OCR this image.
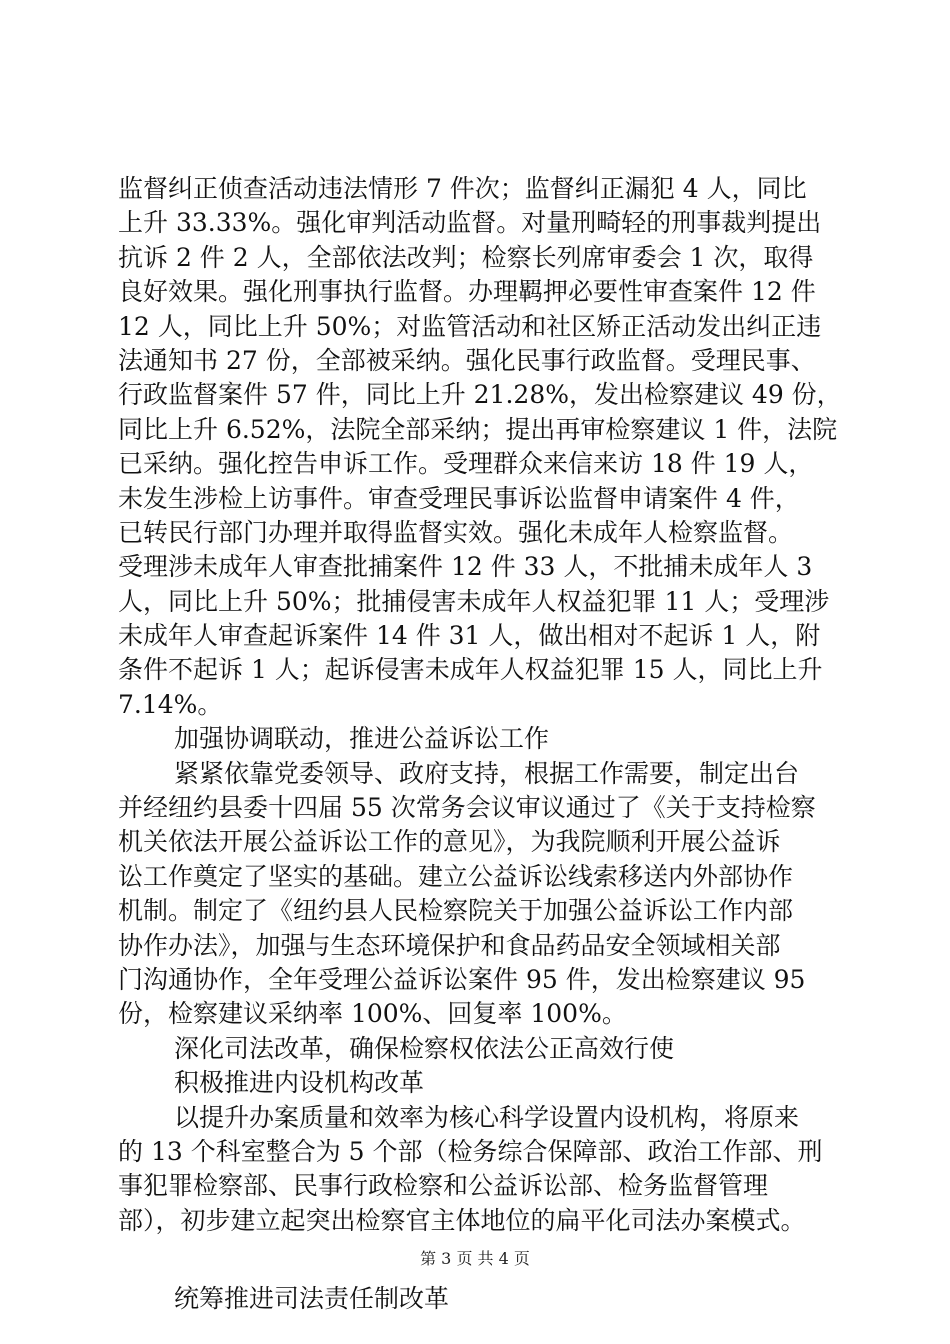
监督纠正侦查活动违法情形 7 件次；监督纠正漏犯 4 人，同比
上升 33.33%。强化审判活动监督。对量刑畸轻的刑事裁判提出
抗诉 2 件 2 人，全部依法改判；检察长列席审委会 1 次，取得
良好效果。强化刑事执行监督。办理羁押必要性审查案件 12 件
12 人，同比上升 50%；对监管活动和社区矫正活动发出纠正违
法通知书 27 份，全部被采纳。强化民事行政监督。受理民事、
行政监督案件 57 件，同比上升 21.28%，发出检察建议 49 份，
同比上升 6.52%，法院全部采纳；提出再审检察建议 1 件，法院
已采纳。强化控告申诉工作。受理群众来信来访 18 件 19 人，
未发生涉检上访事件。审查受理民事诉讼监督申请案件 4 件，
已转民行部门办理并取得监督实效。强化未成年人检察监督。
受理涉未成年人审查批捕案件 12 件 33 人，不批捕未成年人 3
人，同比上升 50%；批捕侵害未成年人权益犯罪 11 人；受理涉
未成年人审查起诉案件 14 件 31 人，做出相对不起诉 1 人，附
条件不起诉 1 人；起诉侵害未成年人权益犯罪 15 人，同比上升
7.14%。
加强协调联动，推进公益诉讼工作
紧紧依靠党委领导、政府支持，根据工作需要，制定出台
并经纽约县委十四届 55 次常务会议审议通过了《关于支持检察
机关依法开展公益诉讼工作的意见》，为我院顺利开展公益诉
讼工作奠定了坚实的基础。建立公益诉讼线索移送内外部协作
机制。制定了《纽约县人民检察院关于加强公益诉讼工作内部
协作办法》，加强与生态环境保护和食品药品安全领域相关部
门沟通协作，全年受理公益诉讼案件 95 件，发出检察建议 95
份，检察建议采纳率 100%、回复率 100%。
深化司法改革，确保检察权依法公正高效行使
积极推进内设机构改革
以提升办案质量和效率为核心科学设置内设机构，将原来
的 13 个科室整合为 5 个部（检务综合保障部、政治工作部、刑
事犯罪检察部、民事行政检察和公益诉讼部、检务监督管理
部），初步建立起突出检察官主体地位的扁平化司法办案模式。
统筹推进司法责任制改革
第 3 页 共 4 页
